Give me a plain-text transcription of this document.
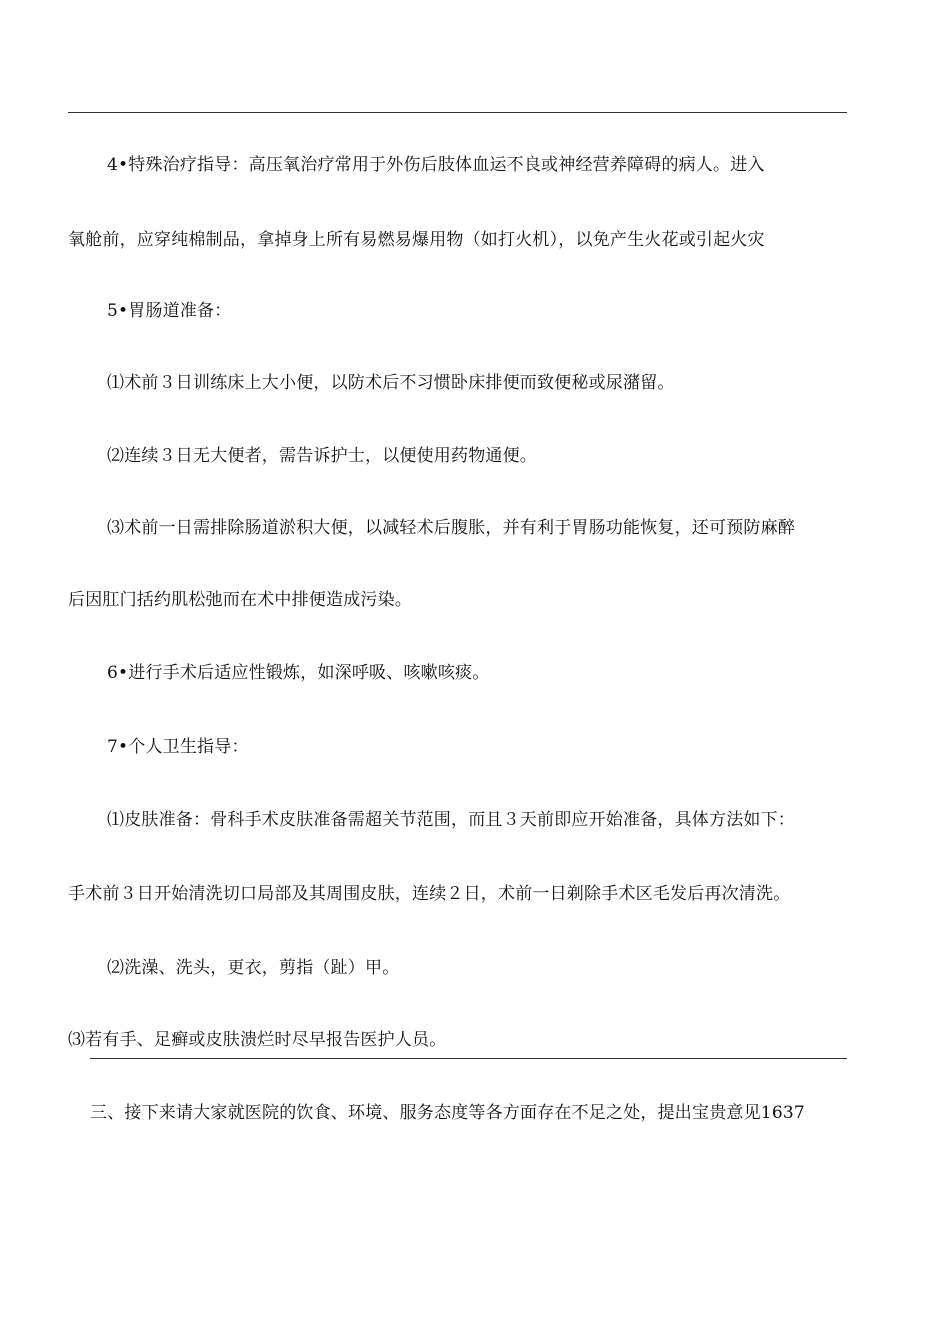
4•特殊治疗指导：高压氧治疗常用于外伤后肢体血运不良或神经营养障碍的病人。进入
氧舱前，应穿纯棉制品，拿掉身上所有易燃易爆用物（如打火机），以免产生火花或引起火灾
5•胃肠道准备：
⑴术前３日训练床上大小便，以防术后不习惯卧床排便而致便秘或尿潴留。
⑵连续３日无大便者，需告诉护士，以便使用药物通便。
⑶术前一日需排除肠道淤积大便，以减轻术后腹胀，并有利于胃肠功能恢复，还可预防麻醉
后因肛门括约肌松弛而在术中排便造成污染。
6•进行手术后适应性锻炼，如深呼吸、咳嗽咳痰。
7•个人卫生指导：
⑴皮肤准备：骨科手术皮肤准备需超关节范围，而且３天前即应开始准备，具体方法如下：
手术前３日开始清洗切口局部及其周围皮肤，连续２日，术前一日剃除手术区毛发后再次清洗。
⑵洗澡、洗头，更衣，剪指（趾）甲。
⑶若有手、足癣或皮肤溃烂时尽早报告医护人员。
三、接下来请大家就医院的饮食、环境、服务态度等各方面存在不足之处，提出宝贵意见1637
